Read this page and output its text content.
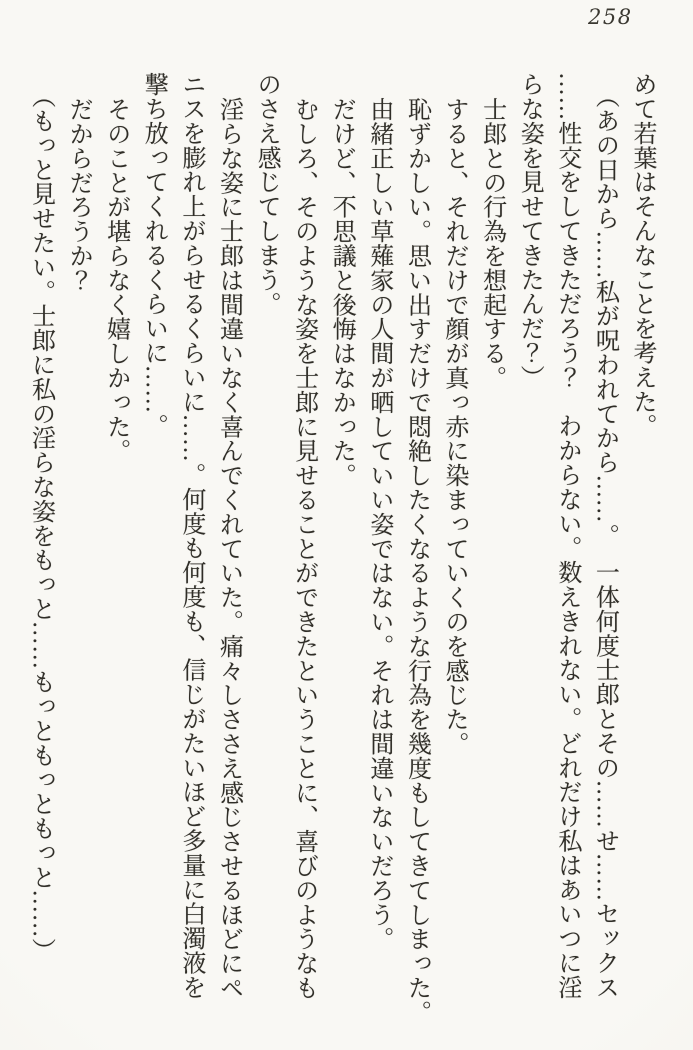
258
めて若葉はそんなことを考えた。
（あの日から……私が呪われてから……。　一体何度士郎とその……せ……セックス
……性交をしてきただろう？　わからない。数えきれない。どれだけ私はあいつに淫
らな姿を見せてきたんだ？）
士郎との行為を想起する。
すると、それだけで顔が真っ赤に染まっていくのを感じた。
恥ずかしい。思い出すだけで悶絶したくなるような行為を幾度もしてきてしまった。
由緒正しい草薙家の人間が晒していい姿ではない。それは間違いないだろう。
だけど、不思議と後悔はなかった。
むしろ、そのような姿を士郎に見せることができたということに、喜びのようなも
のさえ感じてしまう。
淫らな姿に士郎は間違いなく喜んでくれていた。痛々しささえ感じさせるほどにペ
ニスを膨れ上がらせるくらいに……。何度も何度も、信じがたいほど多量に白濁液を
撃ち放ってくれるくらいに……。
そのことが堪らなく嬉しかった。
だからだろうか？
（もっと見せたい。士郎に私の淫らな姿をもっと……もっともっともっと……）
